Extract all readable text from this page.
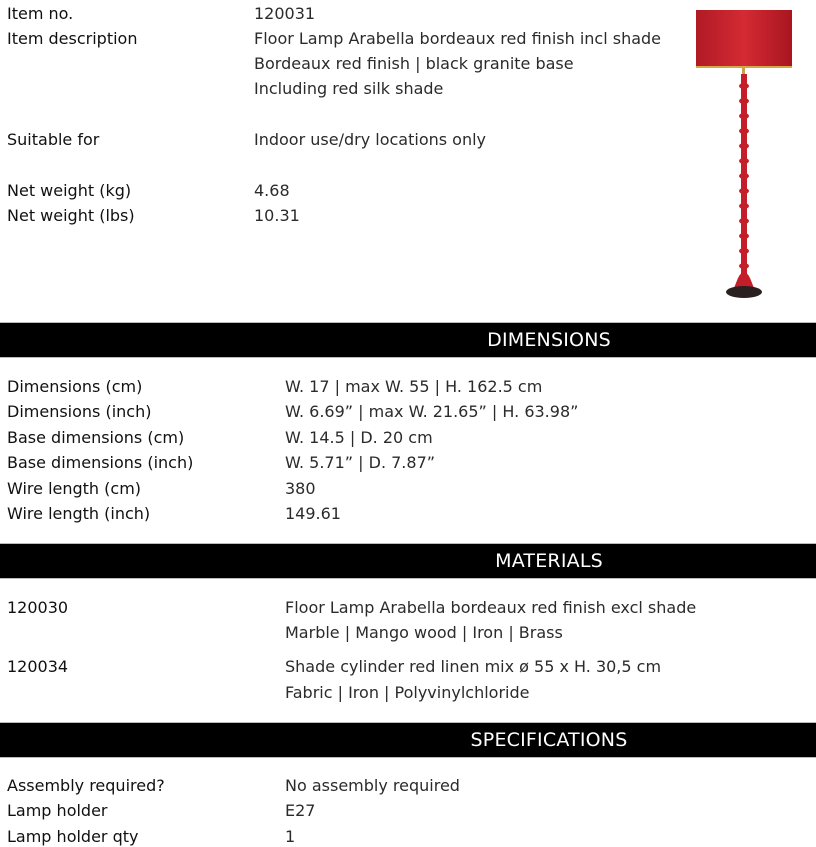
Item no.	120031
Item description	Floor Lamp Arabella bordeaux red finish incl shade
Bordeaux red finish | black granite base
Including red silk shade
Suitable for	Indoor use/dry locations only
Net weight (kg)	4.68
Net weight (lbs)	10.31
DIMENSIONS
Dimensions (cm)	W. 17 | max W. 55 | H. 162.5 cm
Dimensions (inch)	W. 6.69” | max W. 21.65” | H. 63.98”
Base dimensions (cm)	W. 14.5 | D. 20 cm
Base dimensions (inch)	W. 5.71” | D. 7.87”
Wire length (cm)	380
Wire length (inch)	149.61
MATERIALS
120030	Floor Lamp Arabella bordeaux red finish excl shade
Marble | Mango wood | Iron | Brass
120034	Shade cylinder red linen mix ø 55 x H. 30,5 cm
Fabric | Iron | Polyvinylchloride
SPECIFICATIONS
Assembly required?	No assembly required
Lamp holder	E27
Lamp holder qty	1
